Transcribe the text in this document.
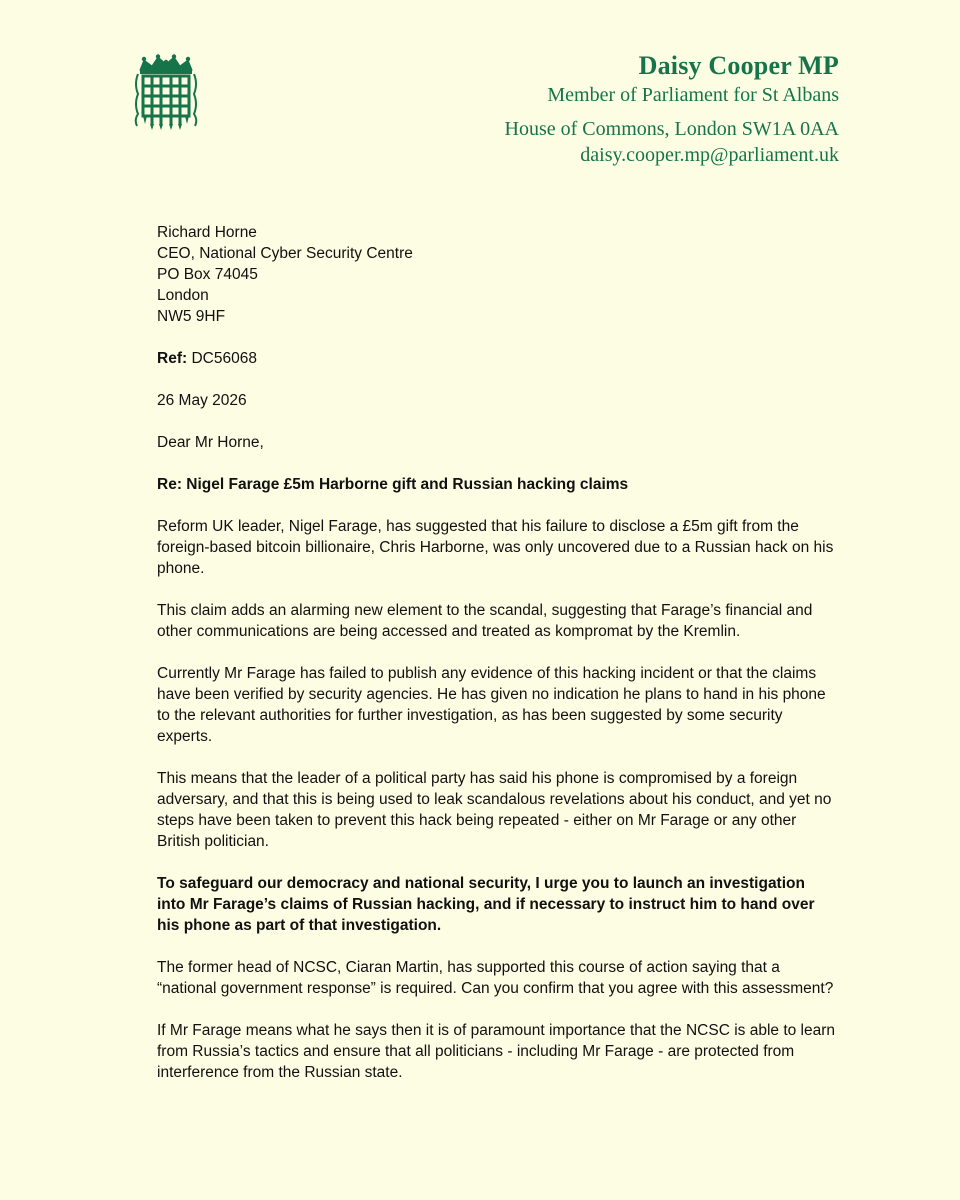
Daisy Cooper MP
Member of Parliament for St Albans
House of Commons, London SW1A 0AA
daisy.cooper.mp@parliament.uk
Richard Horne
CEO, National Cyber Security Centre
PO Box 74045
London
NW5 9HF
Ref: DC56068
26 May 2026
Dear Mr Horne,
Re: Nigel Farage £5m Harborne gift and Russian hacking claims
Reform UK leader, Nigel Farage, has suggested that his failure to disclose a £5m gift from the foreign-based bitcoin billionaire, Chris Harborne, was only uncovered due to a Russian hack on his phone.
This claim adds an alarming new element to the scandal, suggesting that Farage’s financial and other communications are being accessed and treated as kompromat by the Kremlin.
Currently Mr Farage has failed to publish any evidence of this hacking incident or that the claims have been verified by security agencies. He has given no indication he plans to hand in his phone to the relevant authorities for further investigation, as has been suggested by some security experts.
This means that the leader of a political party has said his phone is compromised by a foreign adversary, and that this is being used to leak scandalous revelations about his conduct, and yet no steps have been taken to prevent this hack being repeated - either on Mr Farage or any other British politician.
To safeguard our democracy and national security, I urge you to launch an investigation into Mr Farage’s claims of Russian hacking, and if necessary to instruct him to hand over his phone as part of that investigation.
The former head of NCSC, Ciaran Martin, has supported this course of action saying that a “national government response” is required. Can you confirm that you agree with this assessment?
If Mr Farage means what he says then it is of paramount importance that the NCSC is able to learn from Russia’s tactics and ensure that all politicians - including Mr Farage - are protected from interference from the Russian state.
